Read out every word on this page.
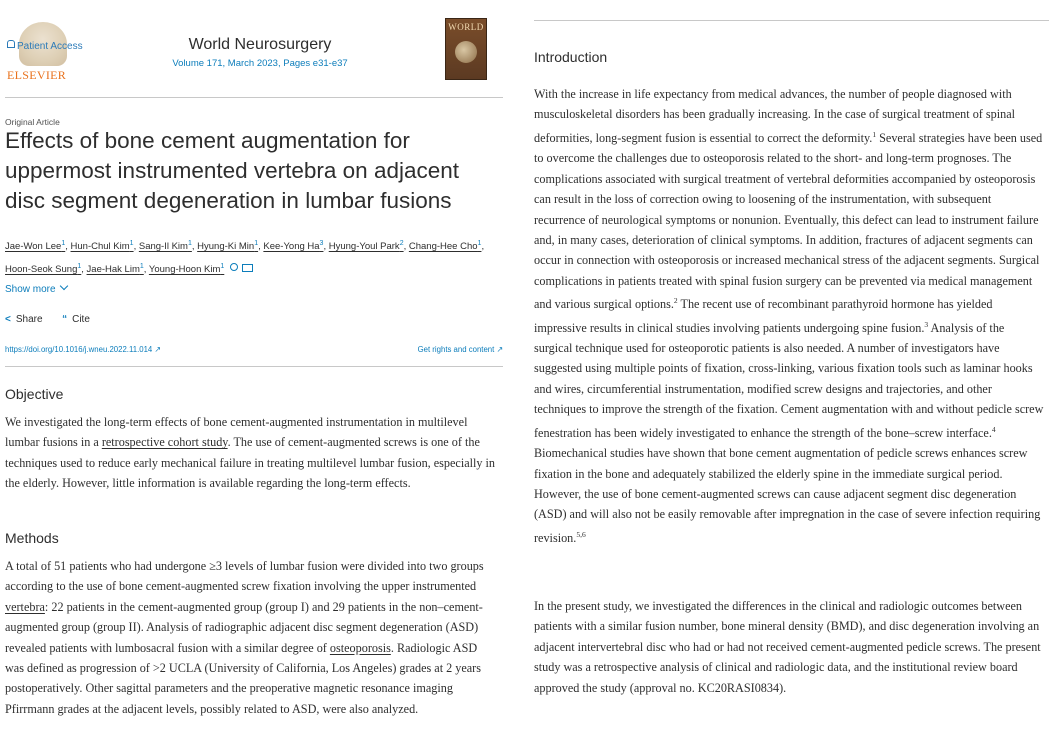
Patient Access
ELSEVIER
World Neurosurgery
Volume 171, March 2023, Pages e31-e37
WORLD
Original Article
Effects of bone cement augmentation for uppermost instrumented vertebra on adjacent disc segment degeneration in lumbar fusions
Jae-Won Lee$^1$, Hun-Chul Kim$^1$, Sang-Il Kim$^1$, Hyung-Ki Min$^1$, Kee-Yong Ha$^3$, Hyung-Youl Park$^2$, Chang-Hee Cho$^1$, Hoon-Seok Sung$^1$, Jae-Hak Lim$^1$, Young-Hoon Kim$^1$
Show more
< Share “ Cite
https://doi.org/10.1016/j.wneu.2022.11.014 ↗	Get rights and content ↗
Objective

We investigated the long-term effects of bone cement-augmented instrumentation in multilevel lumbar fusions in a retrospective cohort study. The use of cement-augmented screws is one of the techniques used to reduce early mechanical failure in treating multilevel lumbar fusion, especially in the elderly. However, little information is available regarding the long-term effects.

Methods

A total of 51 patients who had undergone ≥3 levels of lumbar fusion were divided into two groups according to the use of bone cement-augmented screw fixation involving the upper instrumented vertebra: 22 patients in the cement-augmented group (group I) and 29 patients in the non–cement-augmented group (group II). Analysis of radiographic adjacent disc segment degeneration (ASD) revealed patients with lumbosacral fusion with a similar degree of osteoporosis. Radiologic ASD was defined as progression of >2 UCLA (University of California, Los Angeles) grades at 2 years postoperatively. Other sagittal parameters and the preoperative magnetic resonance imaging Pfirrmann grades at the adjacent levels, possibly related to ASD, were also analyzed.

Introduction

With the increase in life expectancy from medical advances, the number of people diagnosed with musculoskeletal disorders has been gradually increasing. In the case of surgical treatment of spinal deformities, long-segment fusion is essential to correct the deformity.$^1$ Several strategies have been used to overcome the challenges due to osteoporosis related to the short- and long-term prognoses. The complications associated with surgical treatment of vertebral deformities accompanied by osteoporosis can result in the loss of correction owing to loosening of the instrumentation, with subsequent recurrence of neurological symptoms or nonunion. Eventually, this defect can lead to instrument failure and, in many cases, deterioration of clinical symptoms. In addition, fractures of adjacent segments can occur in connection with osteoporosis or increased mechanical stress of the adjacent segments. Surgical complications in patients treated with spinal fusion surgery can be prevented via medical management and various surgical options.$^2$ The recent use of recombinant parathyroid hormone has yielded impressive results in clinical studies involving patients undergoing spine fusion.$^3$ Analysis of the surgical technique used for osteoporotic patients is also needed. A number of investigators have suggested using multiple points of fixation, cross-linking, various fixation tools such as laminar hooks and wires, circumferential instrumentation, modified screw designs and trajectories, and other techniques to improve the strength of the fixation. Cement augmentation with and without pedicle screw fenestration has been widely investigated to enhance the strength of the bone–screw interface.$^4$ Biomechanical studies have shown that bone cement augmentation of pedicle screws enhances screw fixation in the bone and adequately stabilized the elderly spine in the immediate surgical period. However, the use of bone cement-augmented screws can cause adjacent segment disc degeneration (ASD) and will also not be easily removable after impregnation in the case of severe infection requiring revision.$^{5,6}$

In the present study, we investigated the differences in the clinical and radiologic outcomes between patients with a similar fusion number, bone mineral density (BMD), and disc degeneration involving an adjacent intervertebral disc who had or had not received cement-augmented pedicle screws. The present study was a retrospective analysis of clinical and radiologic data, and the institutional review board approved the study (approval no. KC20RASI0834).
